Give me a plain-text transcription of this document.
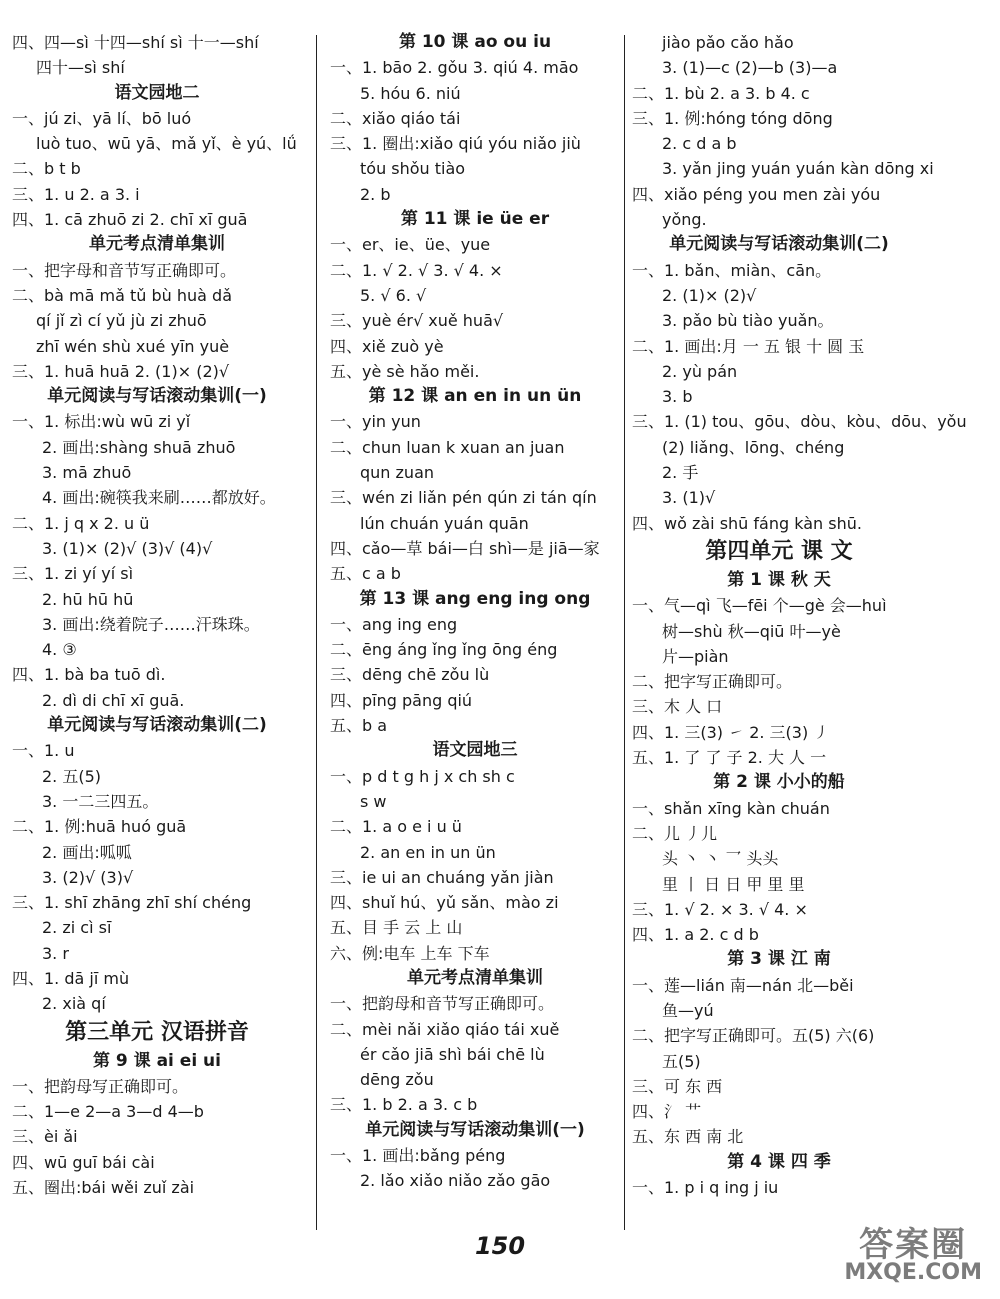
四、四—sì 十四—shí sì 十一—shí
四十—sì shí
语文园地二
一、jú zi、yā lí、bō luó
luò tuo、wū yā、mǎ yǐ、è yú、lǘ
二、b t b
三、1. u 2. a 3. i
四、1. cā zhuō zi 2. chī xī guā
单元考点清单集训
一、把字母和音节写正确即可。
二、bà mā mǎ tǔ bù huà dǎ
qí jǐ zì cí yǔ jù zi zhuō
zhī wén shù xué yīn yuè
三、1. huā huā 2. (1)× (2)√
单元阅读与写话滚动集训(一)
一、1. 标出:wù wū zi yǐ
2. 画出:shàng shuā zhuō
3. mā zhuō
4. 画出:碗筷我来刷……都放好。
二、1. j q x 2. u ü
3. (1)× (2)√ (3)√ (4)√
三、1. zi yí yí sì
2. hū hū hū
3. 画出:绕着院子……汗珠珠。
4. ③
四、1. bà ba tuō dì.
2. dì di chī xī guā.
单元阅读与写话滚动集训(二)
一、1. u
2. 五(5)
3. 一二三四五。
二、1. 例:huā huó guā
2. 画出:呱呱
3. (2)√ (3)√
三、1. shī zhāng zhī shí chéng
2. zi cì sī
3. r
四、1. dā jī mù
2. xià qí
第三单元 汉语拼音
第 9 课 ai ei ui
一、把韵母写正确即可。
二、1—e 2—a 3—d 4—b
三、èi ǎi
四、wū guī bái cài
五、圈出:bái wěi zuǐ zài
第 10 课 ao ou iu
一、1. bāo 2. gǒu 3. qiú 4. māo
5. hóu 6. niú
二、xiǎo qiáo tái
三、1. 圈出:xiǎo qiú yóu niǎo jiù
tóu shǒu tiào
2. b
第 11 课 ie üe er
一、er、ie、üe、yue
二、1. √ 2. √ 3. √ 4. ×
5. √ 6. √
三、yuè ér√ xuě huā√
四、xiě zuò yè
五、yè sè hǎo měi.
第 12 课 an en in un ün
一、yin yun
二、chun luan k xuan an juan
qun zuan
三、wén zi liǎn pén qún zi tán qín
lún chuán yuán quān
四、cǎo—草 bái—白 shì—是 jiā—家
五、c a b
第 13 课 ang eng ing ong
一、ang ing eng
二、ēng áng ǐng ǐng ōng éng
三、dēng chē zǒu lù
四、pīng pāng qiú
五、b a
语文园地三
一、p d t g h j x ch sh c
s w
二、1. a o e i u ü
2. an en in un ün
三、ie ui an chuáng yǎn jiàn
四、shuǐ hú、yǔ sǎn、mào zi
五、目 手 云 上 山
六、例:电车 上车 下车
单元考点清单集训
一、把韵母和音节写正确即可。
二、mèi nǎi xiǎo qiáo tái xuě
ér cǎo jiā shì bái chē lù
dēng zǒu
三、1. b 2. a 3. c b
单元阅读与写话滚动集训(一)
一、1. 画出:bǎng péng
2. lǎo xiǎo niǎo zǎo gāo
jiào pǎo cǎo hǎo
3. (1)—c (2)—b (3)—a
二、1. bù 2. a 3. b 4. c
三、1. 例:hóng tóng dōng
2. c d a b
3. yǎn jing yuán yuán kàn dōng xi
四、xiǎo péng you men zài yóu
yǒng.
单元阅读与写话滚动集训(二)
一、1. bǎn、miàn、cān。
2. (1)× (2)√
3. pǎo bù tiào yuǎn。
二、1. 画出:月 一 五 银 十 圆 玉
2. yù pán
3. b
三、1. (1) tou、gōu、dòu、kòu、dōu、yǒu
(2) liǎng、lōng、chéng
2. 手
3. (1)√
四、wǒ zài shū fáng kàn shū.
第四单元 课 文
第 1 课 秋 天
一、气—qì 飞—fēi 个—gè 会—huì
树—shù 秋—qiū 叶—yè
片—piàn
二、把字写正确即可。
三、木 人 口
四、1. 三(3) ㇀ 2. 三(3) ㇓
五、1. 了 了 子 2. 大 人 一
第 2 课 小小的船
一、shǎn xīng kàn chuán
二、儿 丿儿
头 丶 丶 乛 头头
里 丨 日 日 甲 里 里
三、1. √ 2. × 3. √ 4. ×
四、1. a 2. c d b
第 3 课 江 南
一、莲—lián 南—nán 北—běi
鱼—yú
二、把字写正确即可。五(5) 六(6)
五(5)
三、可 东 西
四、氵 艹
五、东 西 南 北
第 4 课 四 季
一、1. p i q ing j iu
150	答案圈
MXQE.COM
